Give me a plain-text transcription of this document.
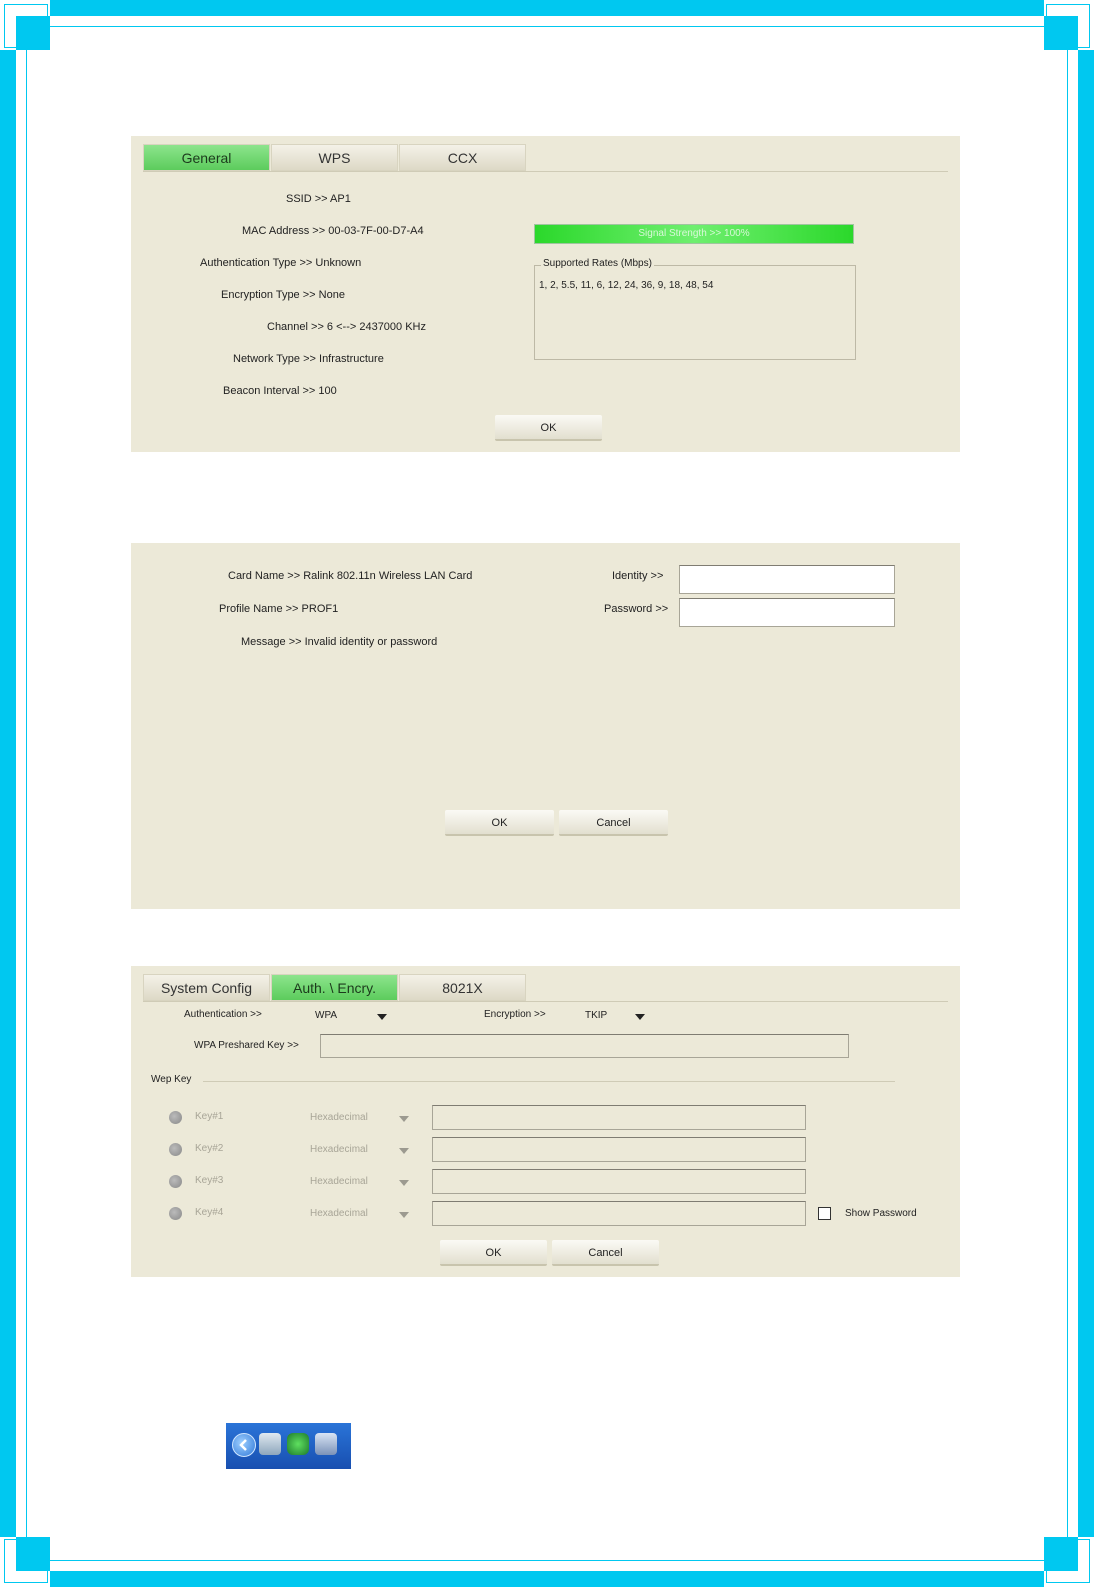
General	WPS	CCX
SSID >> AP1
MAC Address >> 00-03-7F-00-D7-A4
Authentication Type >> Unknown
Encryption Type >> None
Channel >> 6 <--> 2437000 KHz
Network Type >> Infrastructure
Beacon Interval >> 100
Signal Strength >> 100%
Supported Rates (Mbps)
1, 2, 5.5, 11, 6, 12, 24, 36, 9, 18, 48, 54
OK
Card Name >> Ralink 802.11n Wireless LAN Card
Profile Name >> PROF1
Message >> Invalid identity or password
Identity >>
Password >>
OK	Cancel
System Config	Auth. \ Encry.	8021X
Authentication >>	WPA	Encryption >>	TKIP
WPA Preshared Key >>
Wep Key
Key#1	Hexadecimal
Key#2	Hexadecimal
Key#3	Hexadecimal
Key#4	Hexadecimal	Show Password
OK	Cancel
